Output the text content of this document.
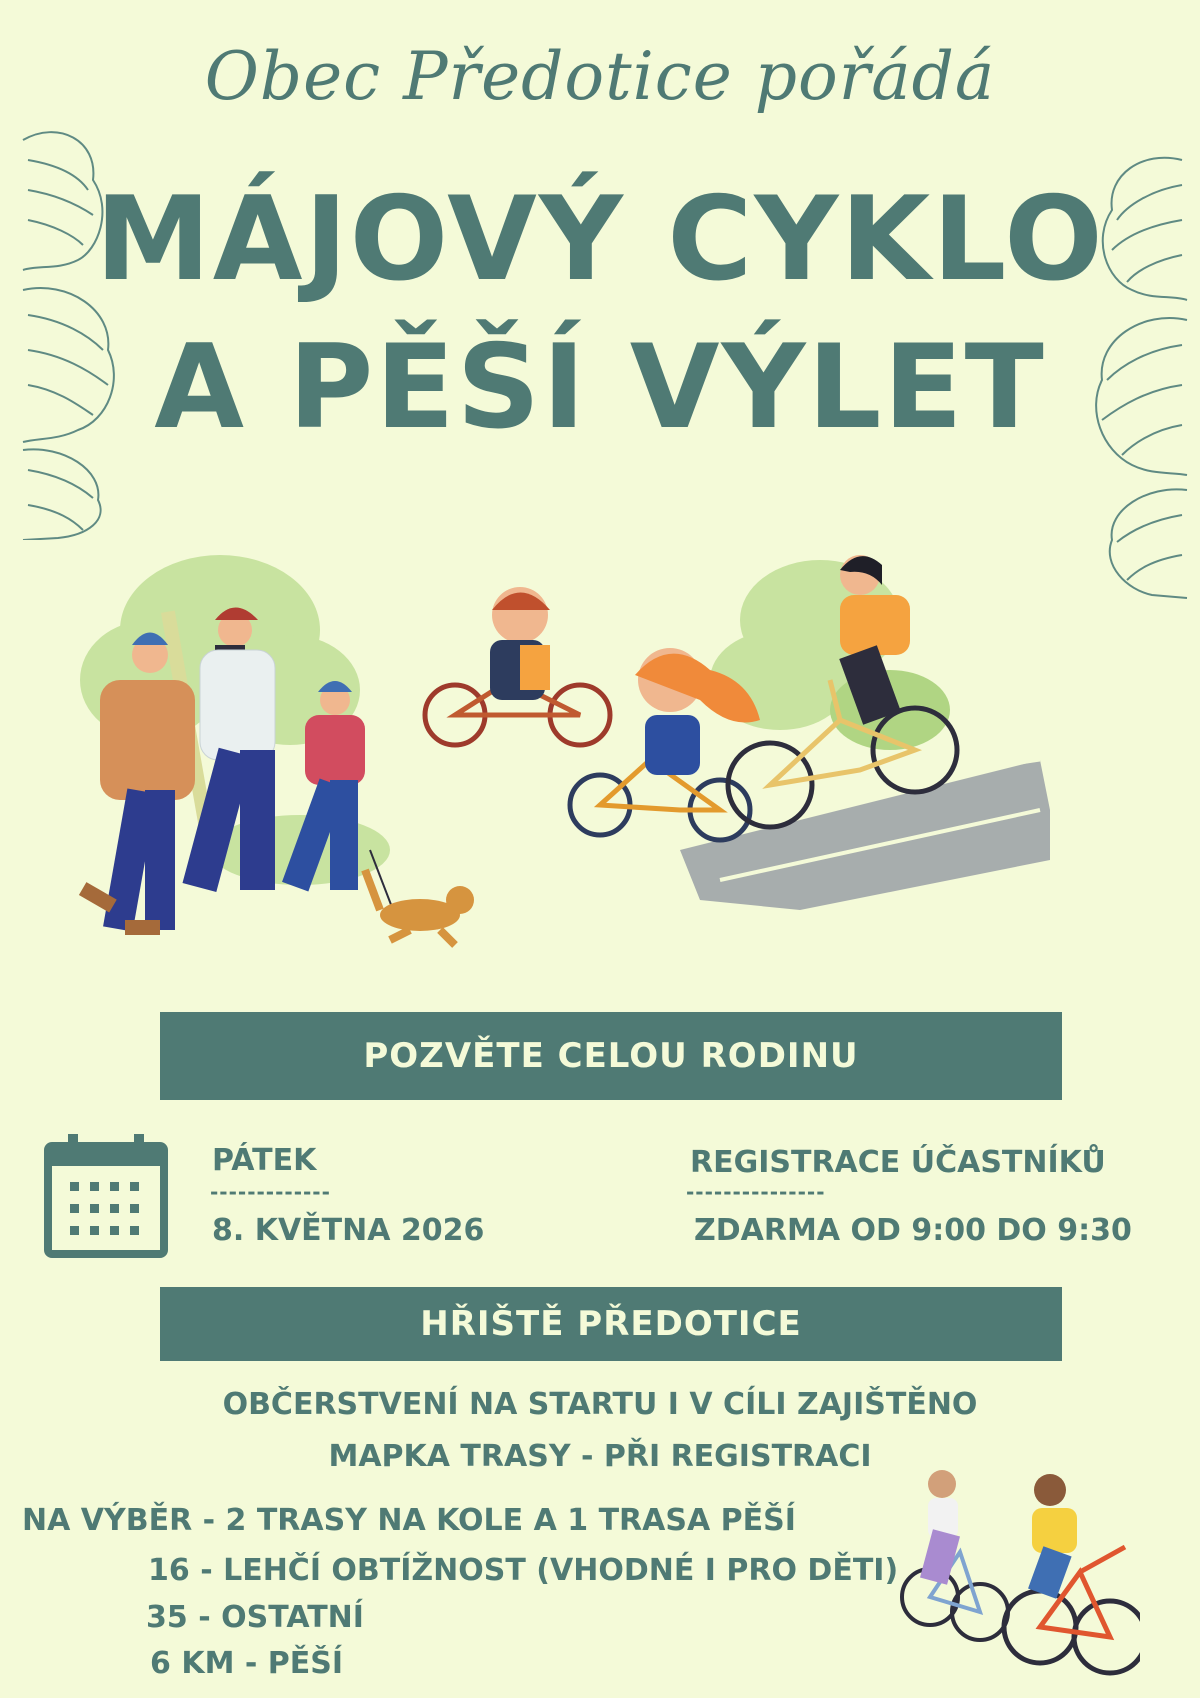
Obec Předotice pořádá
MÁJOVÝ CYKLO
A PĚŠÍ VÝLET
POZVĚTE CELOU RODINU
PÁTEK
-------------
8. KVĚTNA 2026
REGISTRACE ÚČASTNÍKŮ
---------------
ZDARMA OD 9:00 DO 9:30
HŘIŠTĚ PŘEDOTICE
OBČERSTVENÍ NA STARTU I V CÍLI ZAJIŠTĚNO
MAPKA TRASY - PŘI REGISTRACI
NA VÝBĚR - 2 TRASY NA KOLE A 1 TRASA PĚŠÍ
16 - LEHČÍ OBTÍŽNOST (VHODNÉ I PRO DĚTI)
35 - OSTATNÍ
6 KM - PĚŠÍ
